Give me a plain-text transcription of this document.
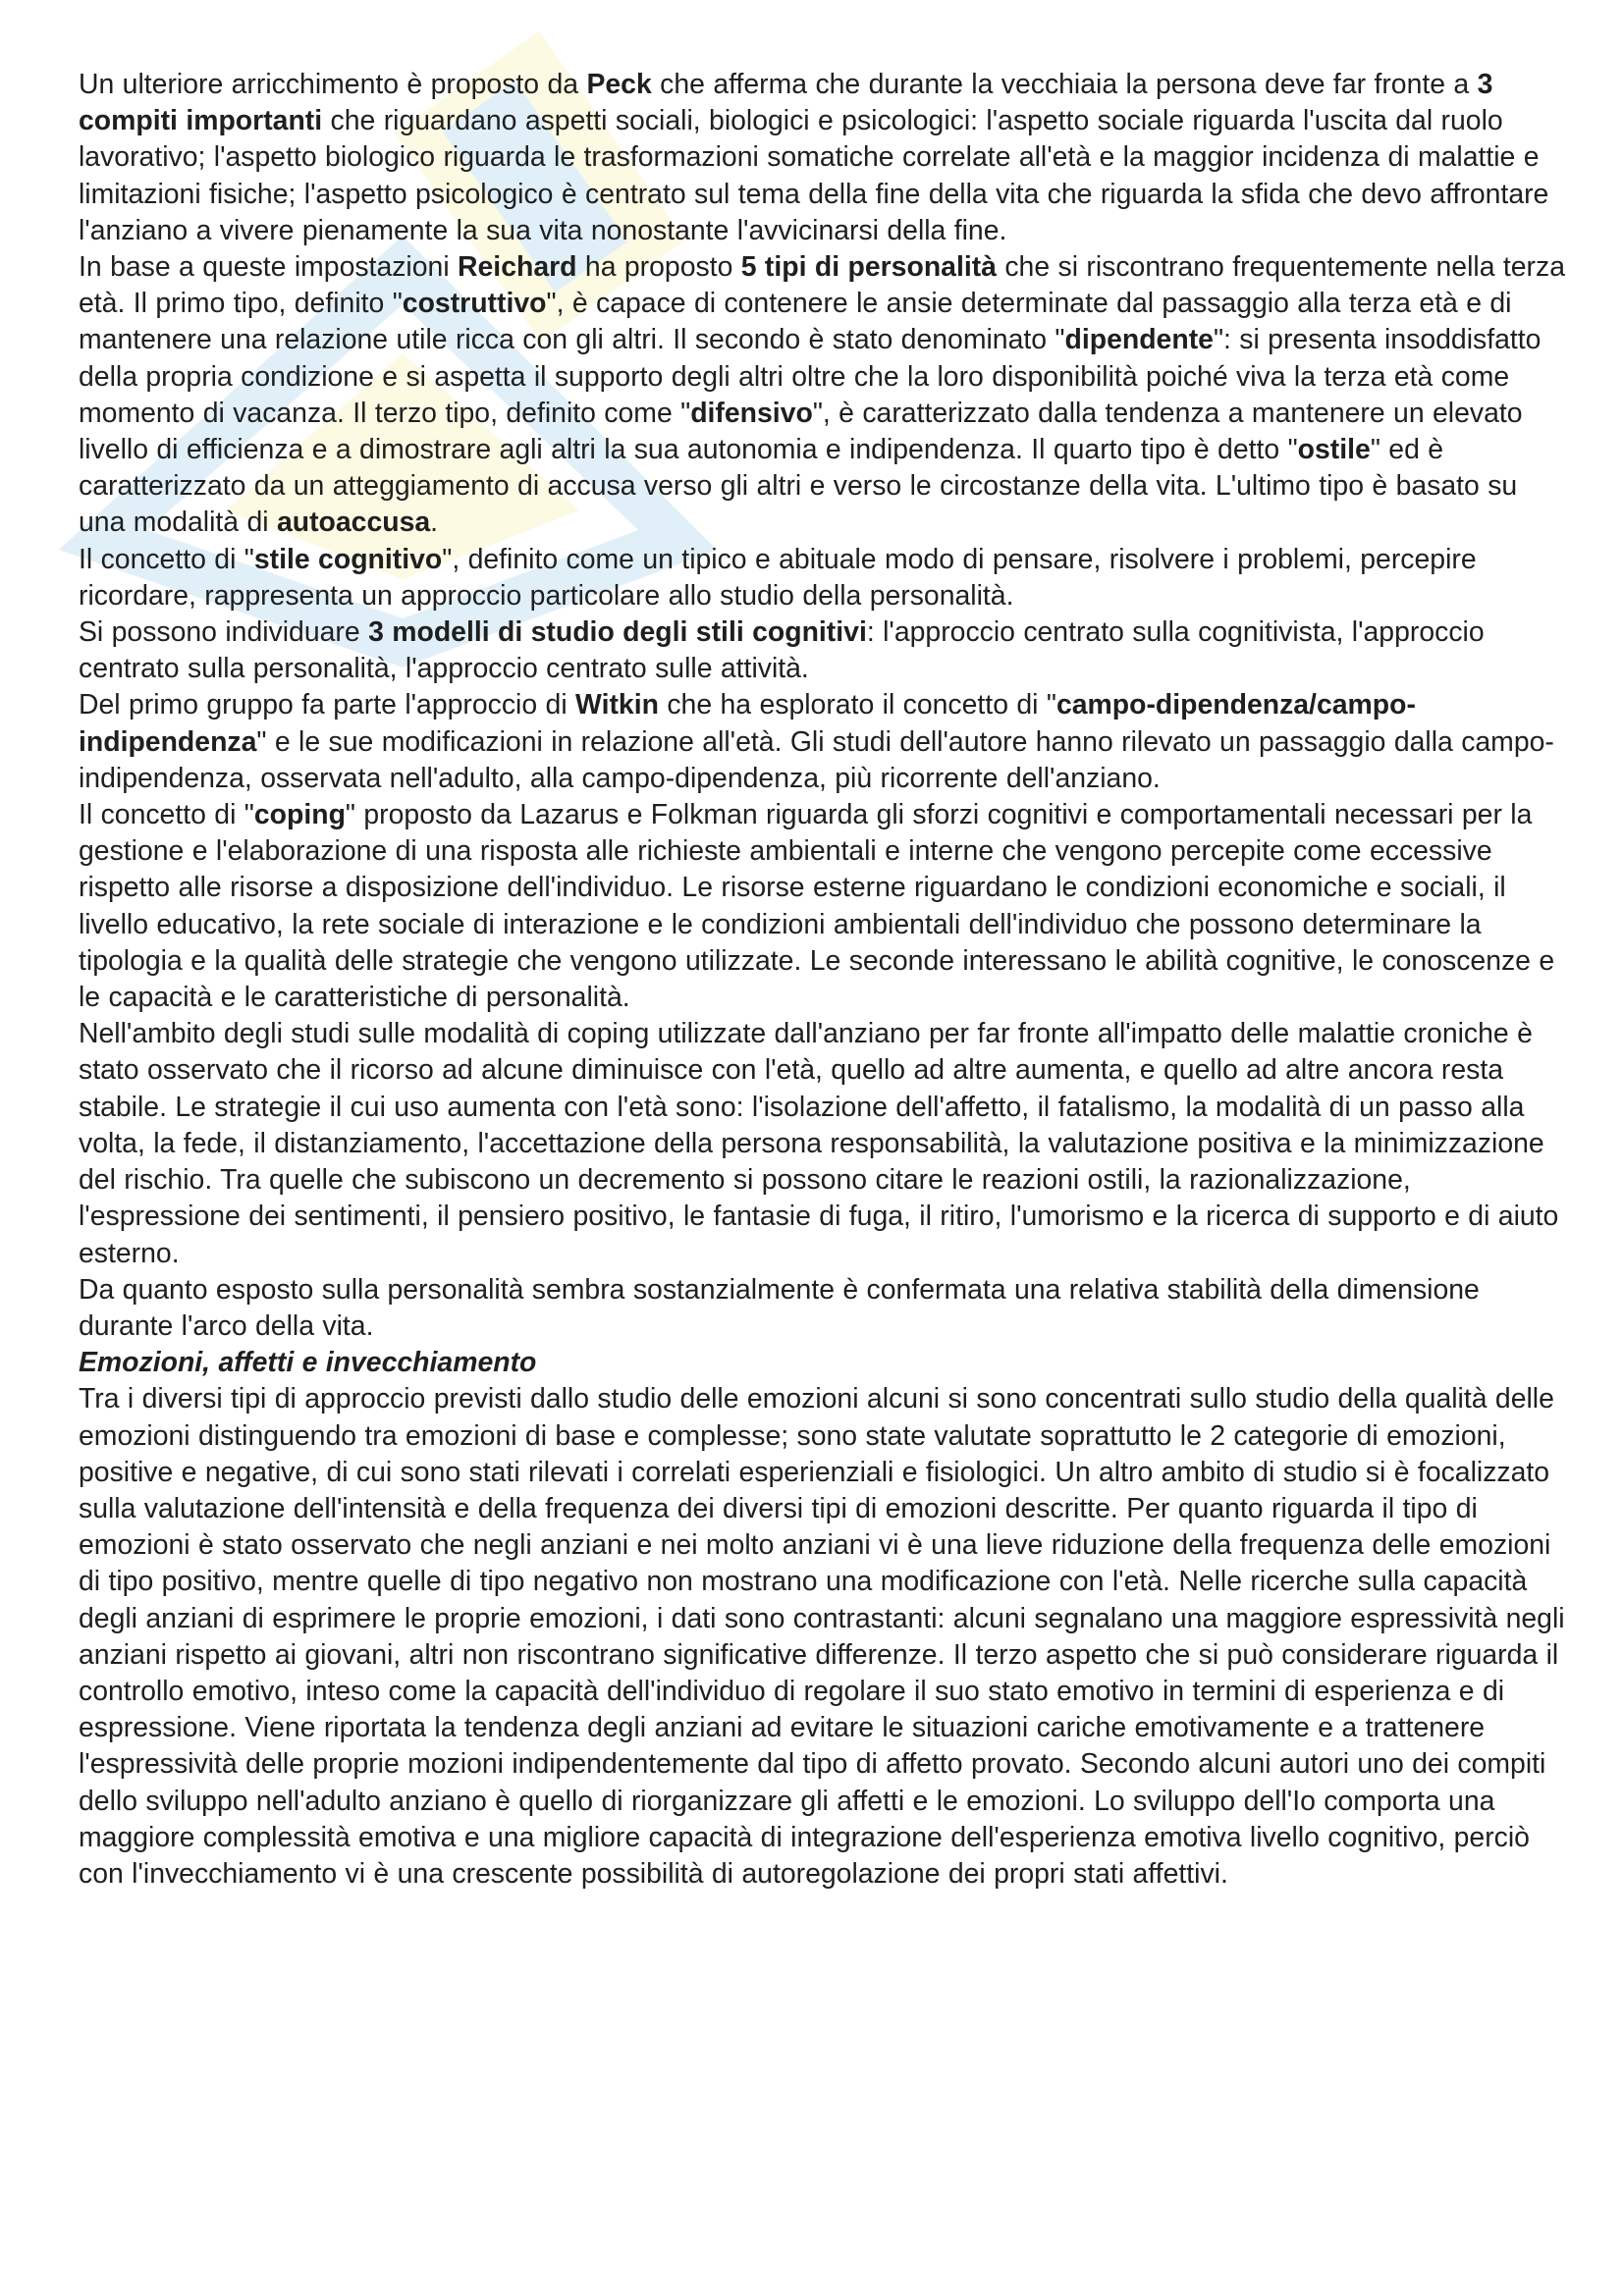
Un ulteriore arricchimento è proposto da Peck che afferma che durante la vecchiaia la persona deve far fronte a 3 compiti importanti che riguardano aspetti sociali, biologici e psicologici: l'aspetto sociale riguarda l'uscita dal ruolo lavorativo; l'aspetto biologico riguarda le trasformazioni somatiche correlate all'età e la maggior incidenza di malattie e limitazioni fisiche; l'aspetto psicologico è centrato sul tema della fine della vita che riguarda la sfida che devo affrontare l'anziano a vivere pienamente la sua vita nonostante l'avvicinarsi della fine.

In base a queste impostazioni Reichard ha proposto 5 tipi di personalità che si riscontrano frequentemente nella terza età. Il primo tipo, definito "costruttivo", è capace di contenere le ansie determinate dal passaggio alla terza età e di mantenere una relazione utile ricca con gli altri. Il secondo è stato denominato "dipendente": si presenta insoddisfatto della propria condizione e si aspetta il supporto degli altri oltre che la loro disponibilità poiché viva la terza età come momento di vacanza. Il terzo tipo, definito come "difensivo", è caratterizzato dalla tendenza a mantenere un elevato livello di efficienza e a dimostrare agli altri la sua autonomia e indipendenza. Il quarto tipo è detto "ostile" ed è caratterizzato da un atteggiamento di accusa verso gli altri e verso le circostanze della vita. L'ultimo tipo è basato su una modalità di autoaccusa.

Il concetto di "stile cognitivo", definito come un tipico e abituale modo di pensare, risolvere i problemi, percepire ricordare, rappresenta un approccio particolare allo studio della personalità.

Si possono individuare 3 modelli di studio degli stili cognitivi: l'approccio centrato sulla cognitivista, l'approccio centrato sulla personalità, l'approccio centrato sulle attività.

Del primo gruppo fa parte l'approccio di Witkin che ha esplorato il concetto di "campo-dipendenza/campo-indipendenza" e le sue modificazioni in relazione all'età. Gli studi dell'autore hanno rilevato un passaggio dalla campo-indipendenza, osservata nell'adulto, alla campo-dipendenza, più ricorrente dell'anziano.

Il concetto di "coping" proposto da Lazarus e Folkman riguarda gli sforzi cognitivi e comportamentali necessari per la gestione e l'elaborazione di una risposta alle richieste ambientali e interne che vengono percepite come eccessive rispetto alle risorse a disposizione dell'individuo. Le risorse esterne riguardano le condizioni economiche e sociali, il livello educativo, la rete sociale di interazione e le condizioni ambientali dell'individuo che possono determinare la tipologia e la qualità delle strategie che vengono utilizzate. Le seconde interessano le abilità cognitive, le conoscenze e le capacità e le caratteristiche di personalità.

Nell'ambito degli studi sulle modalità di coping utilizzate dall'anziano per far fronte all'impatto delle malattie croniche è stato osservato che il ricorso ad alcune diminuisce con l'età, quello ad altre aumenta, e quello ad altre ancora resta stabile. Le strategie il cui uso aumenta con l'età sono: l'isolazione dell'affetto, il fatalismo, la modalità di un passo alla volta, la fede, il distanziamento, l'accettazione della persona responsabilità, la valutazione positiva e la minimizzazione del rischio. Tra quelle che subiscono un decremento si possono citare le reazioni ostili, la razionalizzazione, l'espressione dei sentimenti, il pensiero positivo, le fantasie di fuga, il ritiro, l'umorismo e la ricerca di supporto e di aiuto esterno.

Da quanto esposto sulla personalità sembra sostanzialmente è confermata una relativa stabilità della dimensione durante l'arco della vita.

Emozioni, affetti e invecchiamento

Tra i diversi tipi di approccio previsti dallo studio delle emozioni alcuni si sono concentrati sullo studio della qualità delle emozioni distinguendo tra emozioni di base e complesse; sono state valutate soprattutto le 2 categorie di emozioni, positive e negative, di cui sono stati rilevati i correlati esperienziali e fisiologici. Un altro ambito di studio si è focalizzato sulla valutazione dell'intensità e della frequenza dei diversi tipi di emozioni descritte. Per quanto riguarda il tipo di emozioni è stato osservato che negli anziani e nei molto anziani vi è una lieve riduzione della frequenza delle emozioni di tipo positivo, mentre quelle di tipo negativo non mostrano una modificazione con l'età. Nelle ricerche sulla capacità degli anziani di esprimere le proprie emozioni, i dati sono contrastanti: alcuni segnalano una maggiore espressività negli anziani rispetto ai giovani, altri non riscontrano significative differenze. Il terzo aspetto che si può considerare riguarda il controllo emotivo, inteso come la capacità dell'individuo di regolare il suo stato emotivo in termini di esperienza e di espressione. Viene riportata la tendenza degli anziani ad evitare le situazioni cariche emotivamente e a trattenere l'espressività delle proprie mozioni indipendentemente dal tipo di affetto provato. Secondo alcuni autori uno dei compiti dello sviluppo nell'adulto anziano è quello di riorganizzare gli affetti e le emozioni. Lo sviluppo dell'Io comporta una maggiore complessità emotiva e una migliore capacità di integrazione dell'esperienza emotiva livello cognitivo, perciò con l'invecchiamento vi è una crescente possibilità di autoregolazione dei propri stati affettivi.
